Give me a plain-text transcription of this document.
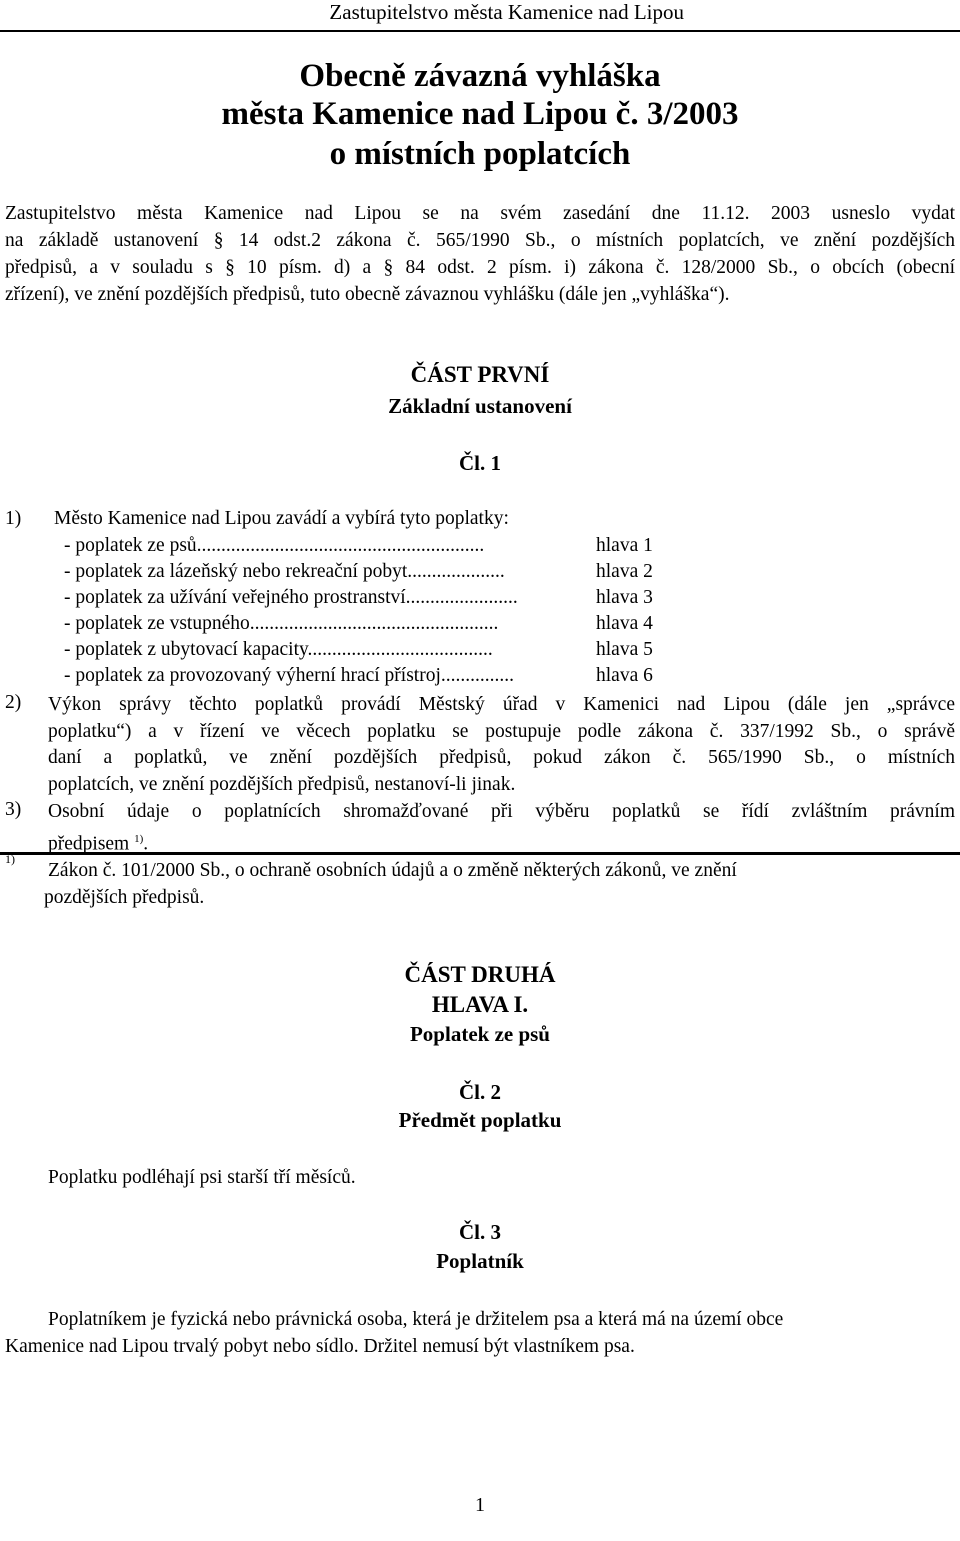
Zastupitelstvo města Kamenice nad Lipou
Obecně závazná vyhláška
města Kamenice nad Lipou č. 3/2003
o místních poplatcích
Zastupitelstvo města Kamenice nad Lipou se na svém zasedání dne 11.12. 2003 usneslo vydat
na základě ustanovení § 14 odst.2 zákona č. 565/1990 Sb., o místních poplatcích, ve znění pozdějších
předpisů, a v souladu s § 10 písm. d) a § 84 odst. 2 písm. i) zákona č. 128/2000 Sb., o obcích (obecní
zřízení), ve znění pozdějších předpisů, tuto obecně závaznou vyhlášku (dále jen „vyhláška“).
ČÁST PRVNÍ
Základní ustanovení
Čl. 1
1) Město Kamenice nad Lipou zavádí a vybírá tyto poplatky:
- poplatek ze psů...........................................................	hlava 1
- poplatek za lázeňský nebo rekreační pobyt....................	hlava 2
- poplatek za užívání veřejného prostranství.......................	hlava 3
- poplatek ze vstupného...................................................	hlava 4
- poplatek z ubytovací kapacity......................................	hlava 5
- poplatek za provozovaný výherní hrací přístroj...............	hlava 6
2) Výkon správy těchto poplatků provádí Městský úřad v Kamenici nad Lipou (dále jen „správce
poplatku“) a v řízení ve věcech poplatku se postupuje podle zákona č. 337/1992 Sb., o správě
daní a poplatků, ve znění pozdějších předpisů, pokud zákon č. 565/1990 Sb., o místních
poplatcích, ve znění pozdějších předpisů, nestanoví-li jinak.
3) Osobní údaje o poplatnících shromažďované při výběru poplatků se řídí zvláštním právním
předpisem $^{1)}$.
1)
Zákon č. 101/2000 Sb., o ochraně osobních údajů a o změně některých zákonů, ve znění
pozdějších předpisů.
ČÁST DRUHÁ
HLAVA I.
Poplatek ze psů
Čl. 2
Předmět poplatku
Poplatku podléhají psi starší tří měsíců.
Čl. 3
Poplatník
Poplatníkem je fyzická nebo právnická osoba, která je držitelem psa a která má na území obce
Kamenice nad Lipou trvalý pobyt nebo sídlo. Držitel nemusí být vlastníkem psa.
1
